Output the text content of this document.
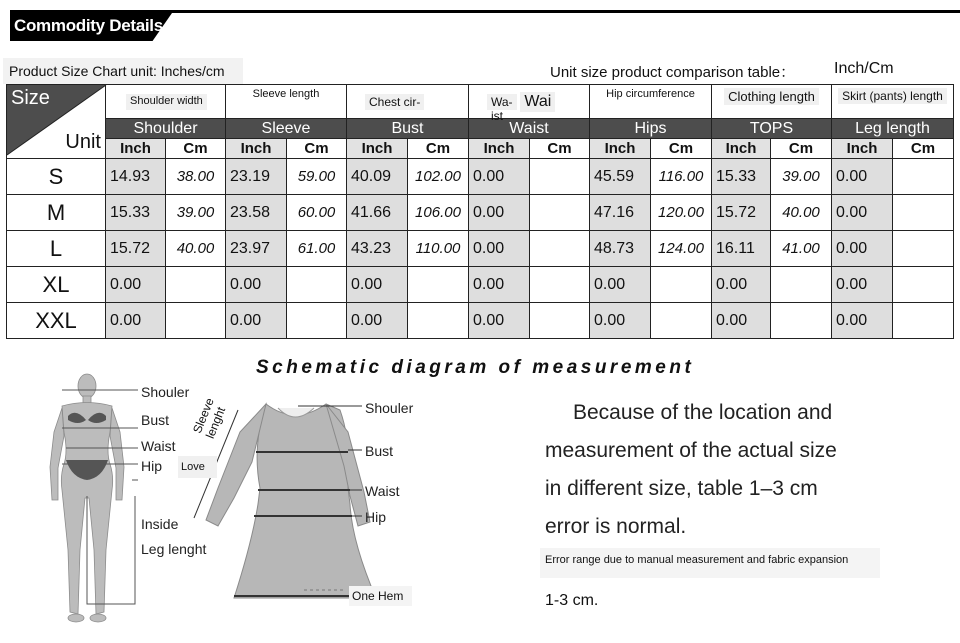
Commodity Details
Product Size Chart unit: Inches/cm	Unit size product comparison table： Inch/Cm
Size
Unit	Shoulder width		Sleeve length		Chest cir-		Wa-ist Wai		Hip circumference		Clothing length		Skirt (pants) length	
	Shoulder		Sleeve		Bust		Waist		Hips		TOPS		Leg length	
	Inch	Cm	Inch	Cm	Inch	Cm	Inch	Cm	Inch	Cm	Inch	Cm	Inch	Cm
S	14.93	38.00	23.19	59.00	40.09	102.00	0.00		45.59	116.00	15.33	39.00	0.00	
M	15.33	39.00	23.58	60.00	41.66	106.00	0.00		47.16	120.00	15.72	40.00	0.00	
L	15.72	40.00	23.97	61.00	43.23	110.00	0.00		48.73	124.00	16.11	41.00	0.00	
XL	0.00		0.00		0.00		0.00		0.00		0.00		0.00	
XXL	0.00		0.00		0.00		0.00		0.00		0.00		0.00	
Schematic diagram of measurement
Shouler
Bust
Waist
Hip
Inside
Leg lenght
Shouler
Bust
Waist
Hip
One Hem
Sleeve lenght
Love
Because of the location and
measurement of the actual size
in different size, table 1–3 cm
error is normal.
Error range due to manual measurement and fabric expansion
1-3 cm.
